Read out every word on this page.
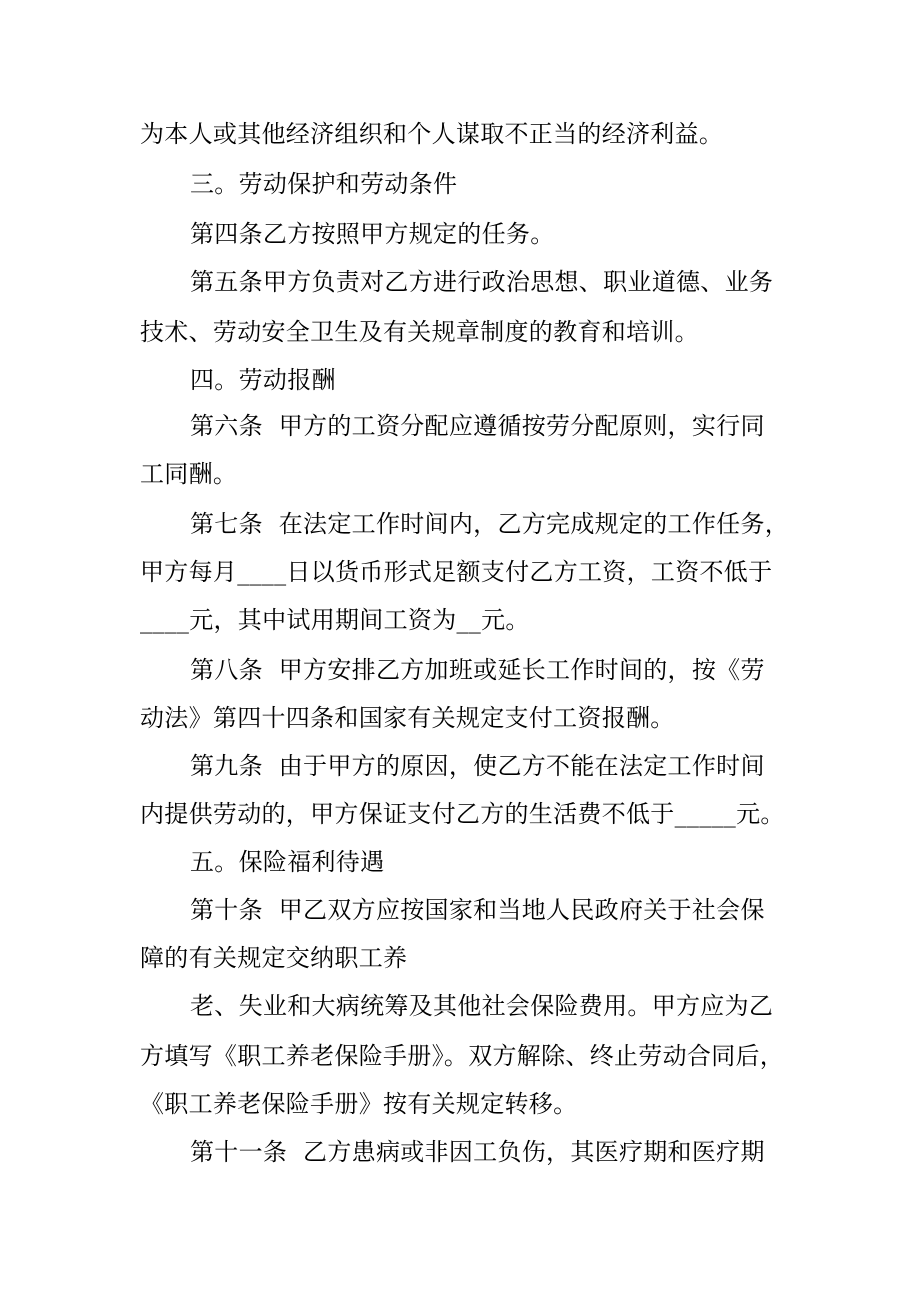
为本人或其他经济组织和个人谋取不正当的经济利益。
三。劳动保护和劳动条件
第四条乙方按照甲方规定的任务。
第五条甲方负责对乙方进行政治思想、职业道德、业务
技术、劳动安全卫生及有关规章制度的教育和培训。
四。劳动报酬
第六条  甲方的工资分配应遵循按劳分配原则，实行同
工同酬。
第七条  在法定工作时间内，乙方完成规定的工作任务，
甲方每月____日以货币形式足额支付乙方工资，工资不低于
____元，其中试用期间工资为__元。
第八条  甲方安排乙方加班或延长工作时间的，按《劳
动法》第四十四条和国家有关规定支付工资报酬。
第九条  由于甲方的原因，使乙方不能在法定工作时间
内提供劳动的，甲方保证支付乙方的生活费不低于_____元。
五。保险福利待遇
第十条  甲乙双方应按国家和当地人民政府关于社会保
障的有关规定交纳职工养
老、失业和大病统筹及其他社会保险费用。甲方应为乙
方填写《职工养老保险手册》。双方解除、终止劳动合同后，
《职工养老保险手册》按有关规定转移。
第十一条  乙方患病或非因工负伤，其医疗期和医疗期
